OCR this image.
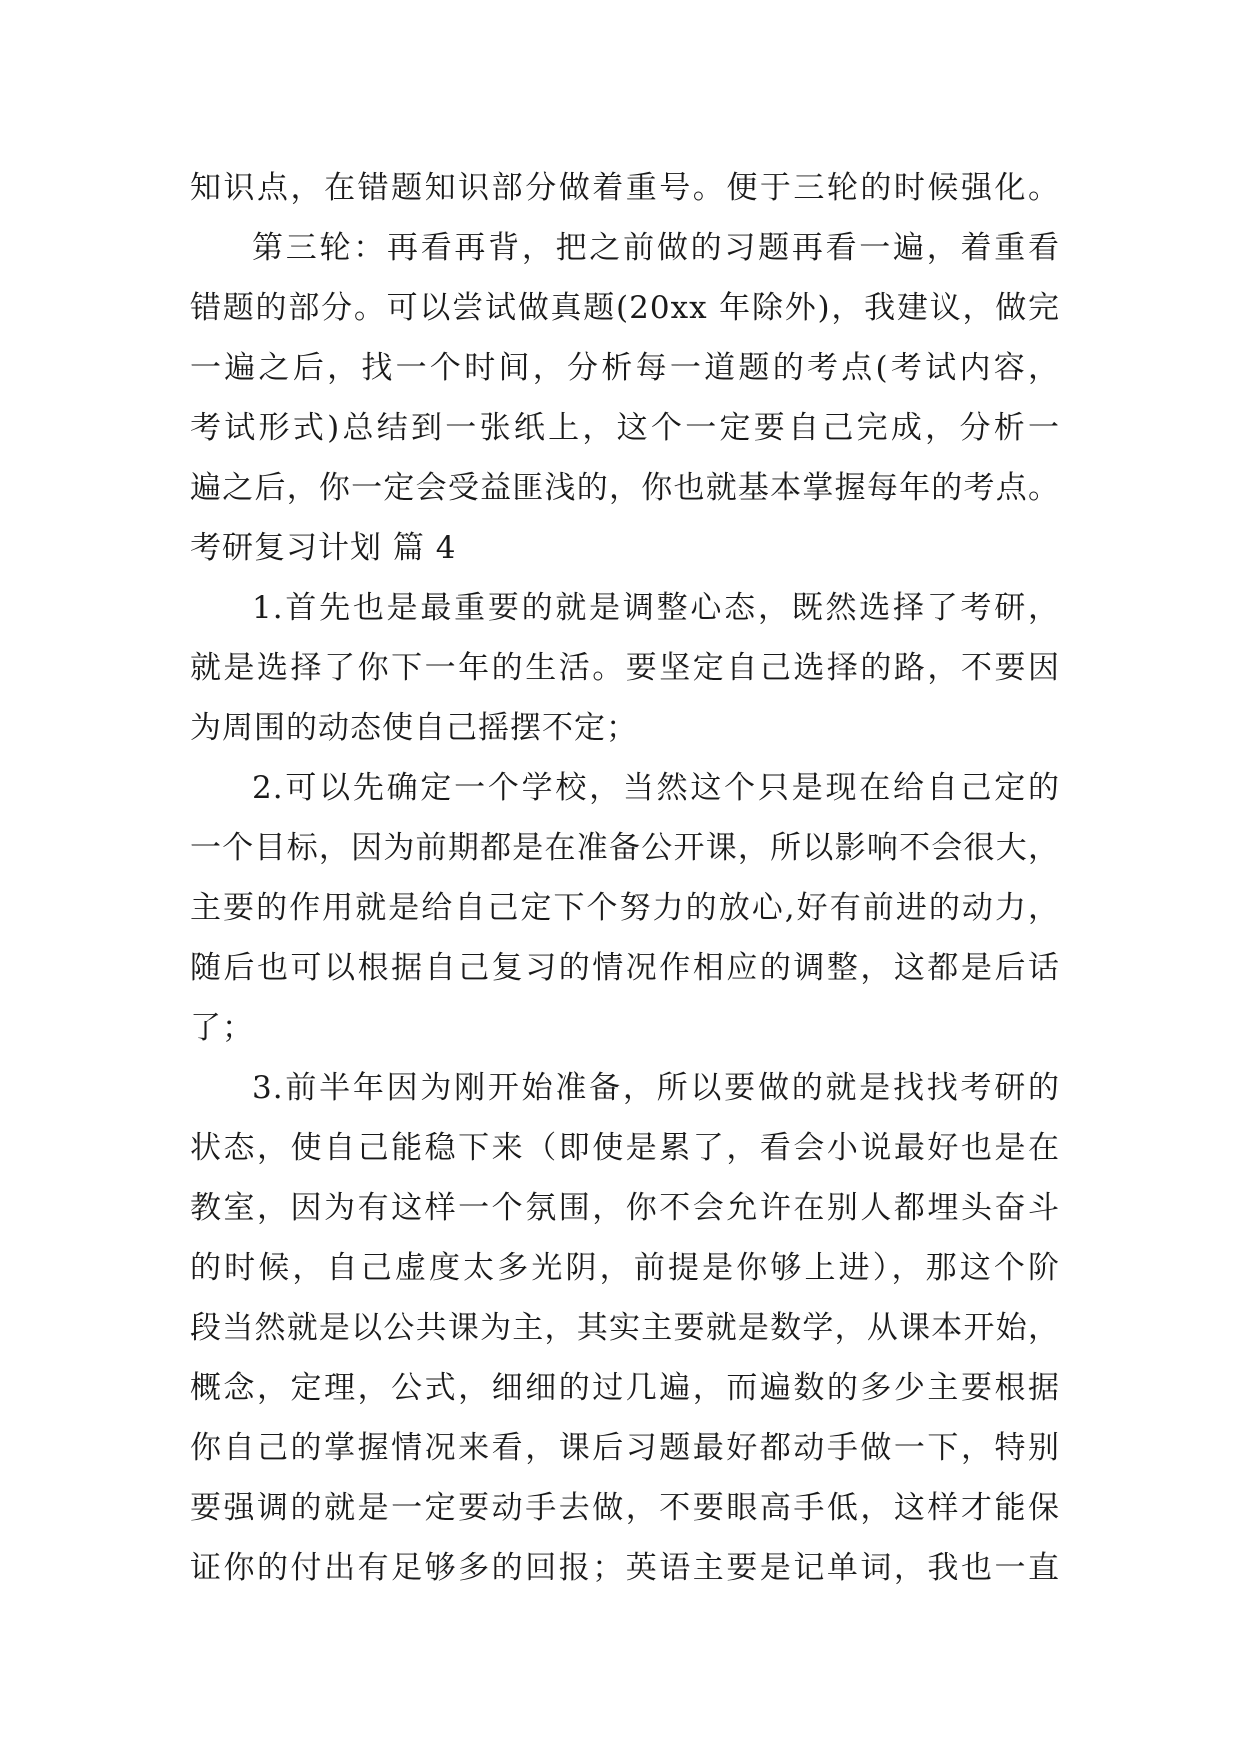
知识点，在错题知识部分做着重号。便于三轮的时候强化。
第三轮：再看再背，把之前做的习题再看一遍，着重看
错题的部分。可以尝试做真题(20xx 年除外)，我建议，做完
一遍之后，找一个时间，分析每一道题的考点(考试内容，
考试形式)总结到一张纸上，这个一定要自己完成，分析一
遍之后，你一定会受益匪浅的，你也就基本掌握每年的考点。
考研复习计划 篇 4
1.首先也是最重要的就是调整心态，既然选择了考研，
就是选择了你下一年的生活。要坚定自己选择的路，不要因
为周围的动态使自己摇摆不定；
2.可以先确定一个学校，当然这个只是现在给自己定的
一个目标，因为前期都是在准备公开课，所以影响不会很大，
主要的作用就是给自己定下个努力的放心,好有前进的动力，
随后也可以根据自己复习的情况作相应的调整，这都是后话
了；
3.前半年因为刚开始准备，所以要做的就是找找考研的
状态，使自己能稳下来（即使是累了，看会小说最好也是在
教室，因为有这样一个氛围，你不会允许在别人都埋头奋斗
的时候，自己虚度太多光阴，前提是你够上进），那这个阶
段当然就是以公共课为主，其实主要就是数学，从课本开始，
概念，定理，公式，细细的过几遍，而遍数的多少主要根据
你自己的掌握情况来看，课后习题最好都动手做一下，特别
要强调的就是一定要动手去做，不要眼高手低，这样才能保
证你的付出有足够多的回报；英语主要是记单词，我也一直
